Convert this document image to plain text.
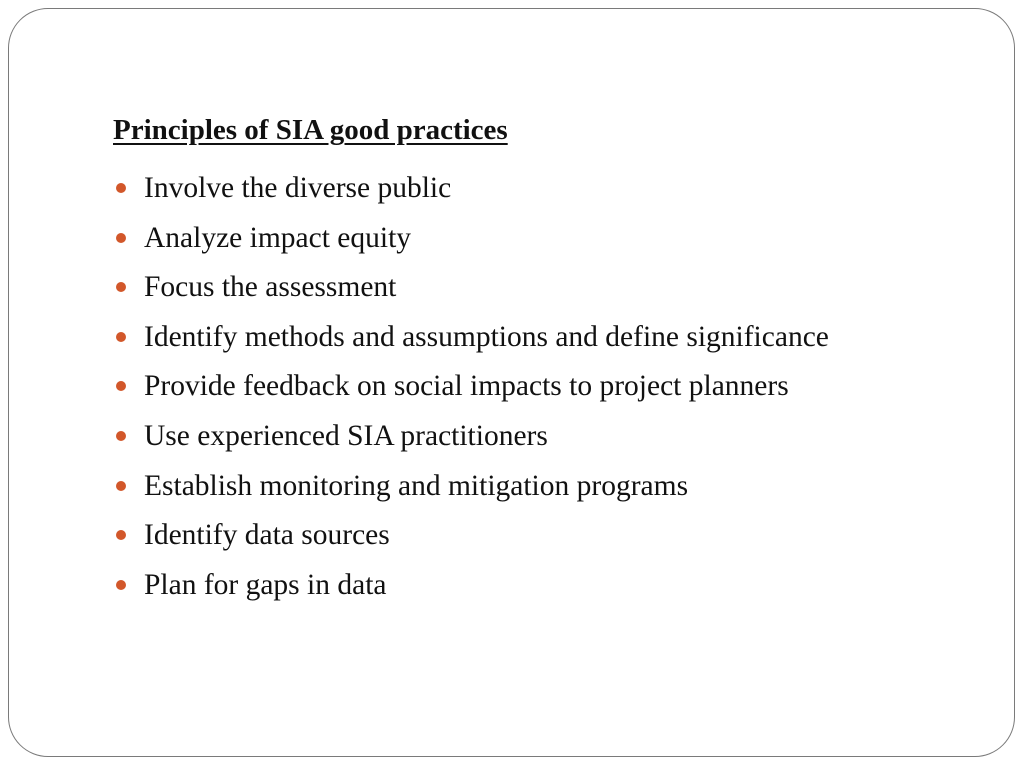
Principles of SIA good practices
Involve the diverse public
Analyze impact equity
Focus the assessment
Identify methods and assumptions and define significance
Provide feedback on social impacts to project planners
Use experienced SIA practitioners
Establish monitoring and mitigation programs
Identify data sources
Plan for gaps in data
